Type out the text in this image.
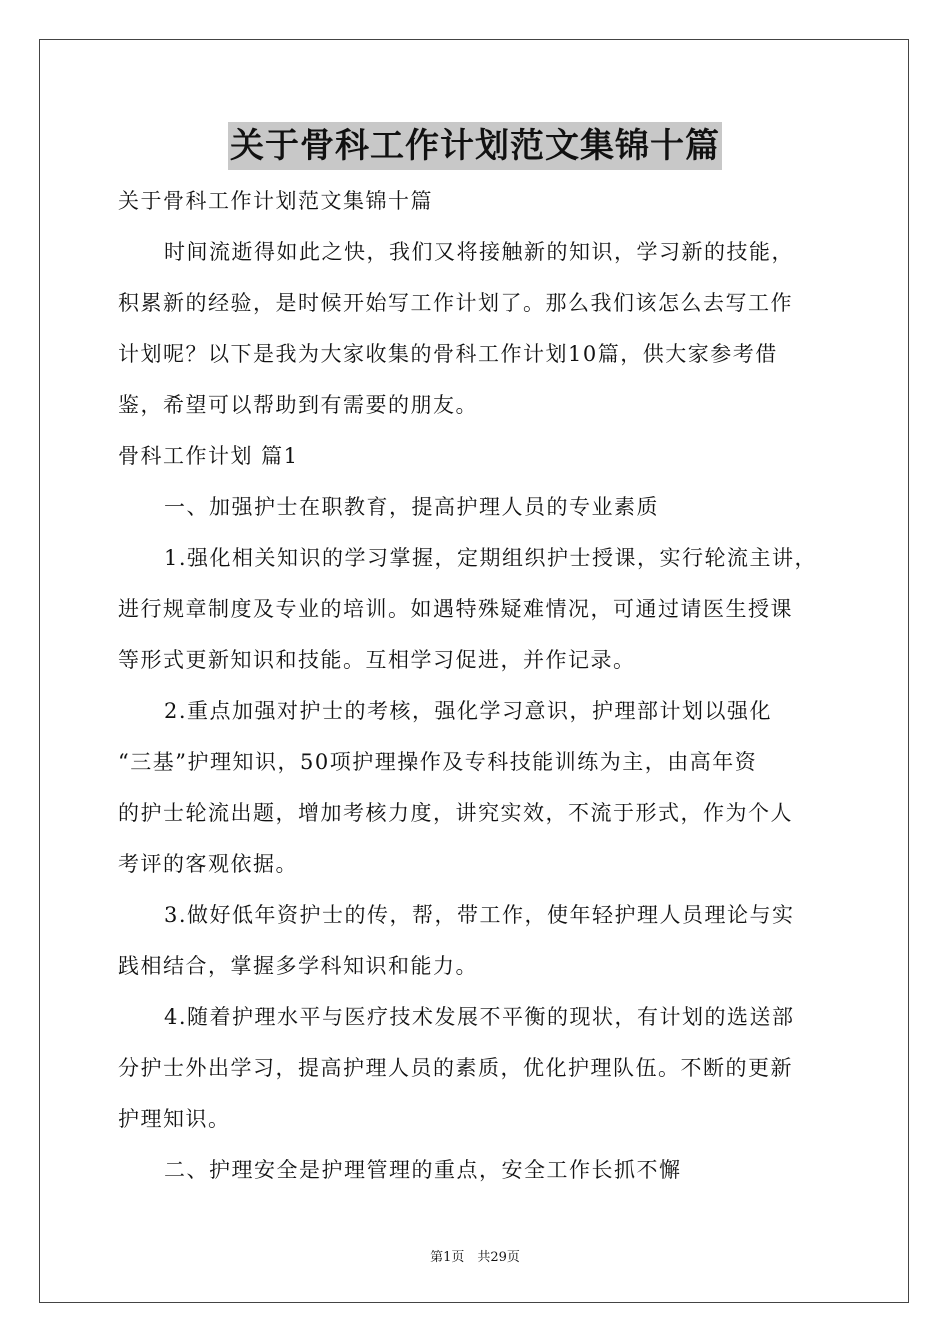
关于骨科工作计划范文集锦十篇
关于骨科工作计划范文集锦十篇
时间流逝得如此之快，我们又将接触新的知识，学习新的技能，
积累新的经验，是时候开始写工作计划了。那么我们该怎么去写工作
计划呢？以下是我为大家收集的骨科工作计划10篇，供大家参考借
鉴，希望可以帮助到有需要的朋友。
骨科工作计划 篇1
一、加强护士在职教育，提高护理人员的专业素质
1.强化相关知识的学习掌握，定期组织护士授课，实行轮流主讲，
进行规章制度及专业的培训。如遇特殊疑难情况，可通过请医生授课
等形式更新知识和技能。互相学习促进，并作记录。
2.重点加强对护士的考核，强化学习意识，护理部计划以强化
“三基”护理知识，50项护理操作及专科技能训练为主，由高年资
的护士轮流出题，增加考核力度，讲究实效，不流于形式，作为个人
考评的客观依据。
3.做好低年资护士的传，帮，带工作，使年轻护理人员理论与实
践相结合，掌握多学科知识和能力。
4.随着护理水平与医疗技术发展不平衡的现状，有计划的选送部
分护士外出学习，提高护理人员的素质，优化护理队伍。不断的更新
护理知识。
二、护理安全是护理管理的重点，安全工作长抓不懈
第1页　共29页
